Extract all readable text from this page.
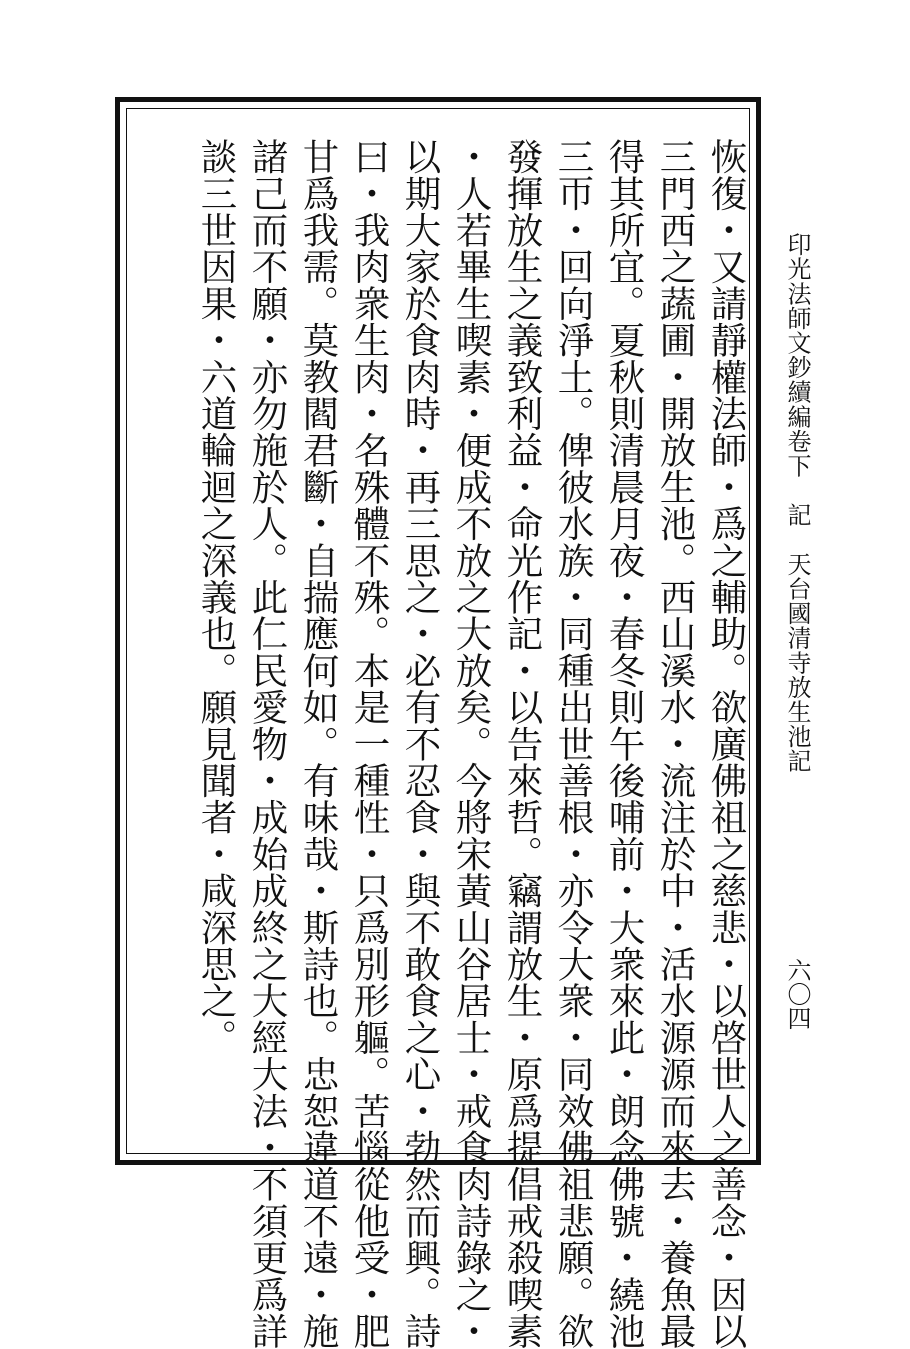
印光法師文鈔續編卷下　記　天台國清寺放生池記
六〇四
恢復・又請靜權法師・爲之輔助。欲廣佛祖之慈悲・以啓世人之善念・因以
三門西之蔬圃・開放生池。西山溪水・流注於中・活水源源而來去・養魚最
得其所宜。夏秋則清晨月夜・春冬則午後哺前・大衆來此・朗念佛號・繞池
三帀・回向淨土。俾彼水族・同種出世善根・亦令大衆・同效佛祖悲願。欲
發揮放生之義致利益・命光作記・以告來哲。竊謂放生・原爲提倡戒殺喫素
・人若畢生喫素・便成不放之大放矣。今將宋黃山谷居士・戒食肉詩錄之・
以期大家於食肉時・再三思之・必有不忍食・與不敢食之心・勃然而興。詩
曰・我肉衆生肉・名殊體不殊。本是一種性・只爲別形軀。苦惱從他受・肥
甘爲我需。莫教閻君斷・自揣應何如。有味哉・斯詩也。忠恕違道不遠・施
諸己而不願・亦勿施於人。此仁民愛物・成始成終之大經大法・不須更爲詳
談三世因果・六道輪迴之深義也。願見聞者・咸深思之。
